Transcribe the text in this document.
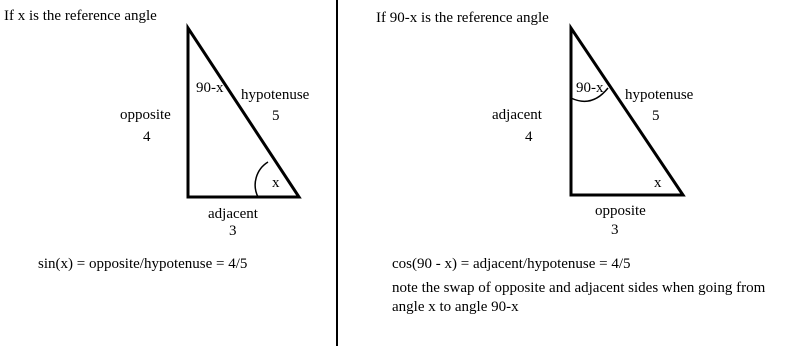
If x is the reference angle
90-x hypotenuse
5
opposite
4
x
adjacent
3
sin(x) = opposite/hypotenuse = 4/5
If 90-x is the reference angle
90-x hypotenuse
5
adjacent
4
x
opposite
3
cos(90 - x) = adjacent/hypotenuse = 4/5
note the swap of opposite and adjacent sides when going from
angle x to angle 90-x
